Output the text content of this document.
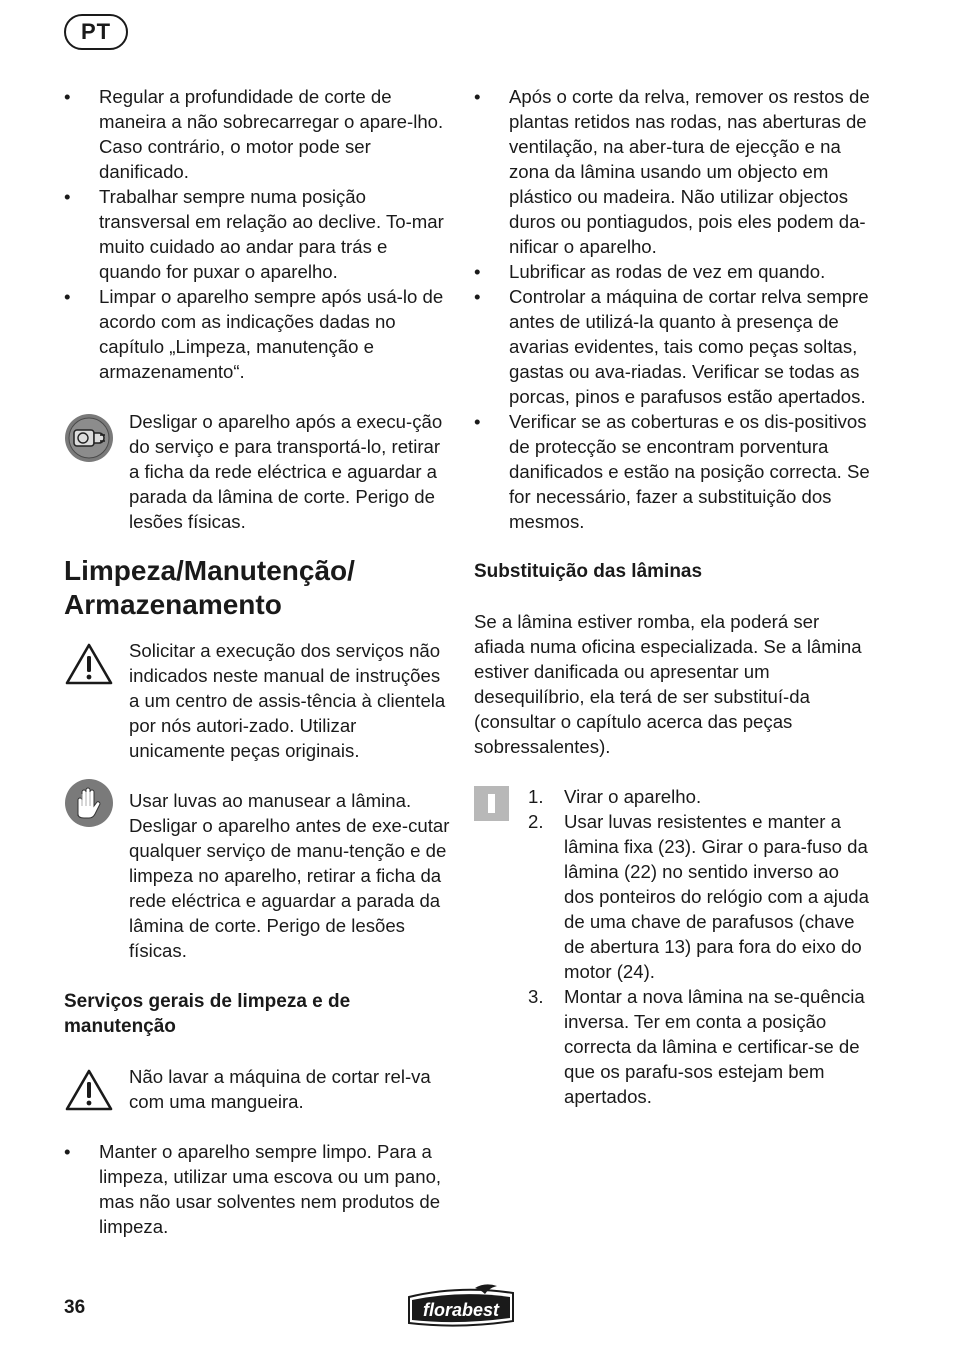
PT
• Regular a profundidade de corte de maneira a não sobrecarregar o apare-lho. Caso contrário, o motor pode ser danificado.
• Trabalhar sempre numa posição transversal em relação ao declive. To-mar muito cuidado ao andar para trás e quando for puxar o aparelho.
• Limpar o aparelho sempre após usá-lo de acordo com as indicações dadas no capítulo „Limpeza, manutenção e armazenamento“.
Desligar o aparelho após a execu-ção do serviço e para transportá-lo, retirar a ficha da rede eléctrica e aguardar a parada da lâmina de corte. Perigo de lesões físicas.
Limpeza/Manutenção/
Armazenamento
Solicitar a execução dos serviços não indicados neste manual de instruções a um centro de assis-tência à clientela por nós autori-zado. Utilizar unicamente peças originais.
Usar luvas ao manusear a lâmina. Desligar o aparelho antes de exe-cutar qualquer serviço de manu-tenção e de limpeza no aparelho, retirar a ficha da rede eléctrica e aguardar a parada da lâmina de corte. Perigo de lesões físicas.
Serviços gerais de limpeza e de manutenção
Não lavar a máquina de cortar rel-va com uma mangueira.
• Manter o aparelho sempre limpo. Para a limpeza, utilizar uma escova ou um pano, mas não usar solventes nem produtos de limpeza.
• Após o corte da relva, remover os restos de plantas retidos nas rodas, nas aberturas de ventilação, na aber-tura de ejecção e na zona da lâmina usando um objecto em plástico ou madeira. Não utilizar objectos duros ou pontiagudos, pois eles podem da-nificar o aparelho.
• Lubrificar as rodas de vez em quando.
• Controlar a máquina de cortar relva sempre antes de utilizá-la quanto à presença de avarias evidentes, tais como peças soltas, gastas ou ava-riadas. Verificar se todas as porcas, pinos e parafusos estão apertados.
• Verificar se as coberturas e os dis-positivos de protecção se encontram porventura danificados e estão na posição correcta. Se for necessário, fazer a substituição dos mesmos.
Substituição das lâminas

Se a lâmina estiver romba, ela poderá ser afiada numa oficina especializada. Se a lâmina estiver danificada ou apresentar um desequilíbrio, ela terá de ser substituí-da (consultar o capítulo acerca das peças sobressalentes).

1. Virar o aparelho.
2. Usar luvas resistentes e manter a lâmina fixa (23). Girar o para-fuso da lâmina (22) no sentido inverso ao dos ponteiros do relógio com a ajuda de uma chave de parafusos (chave de abertura 13) para fora do eixo do motor (24).
3. Montar a nova lâmina na se-quência inversa. Ter em conta a posição correcta da lâmina e certificar-se de que os parafu-sos estejam bem apertados.
36	florabest
